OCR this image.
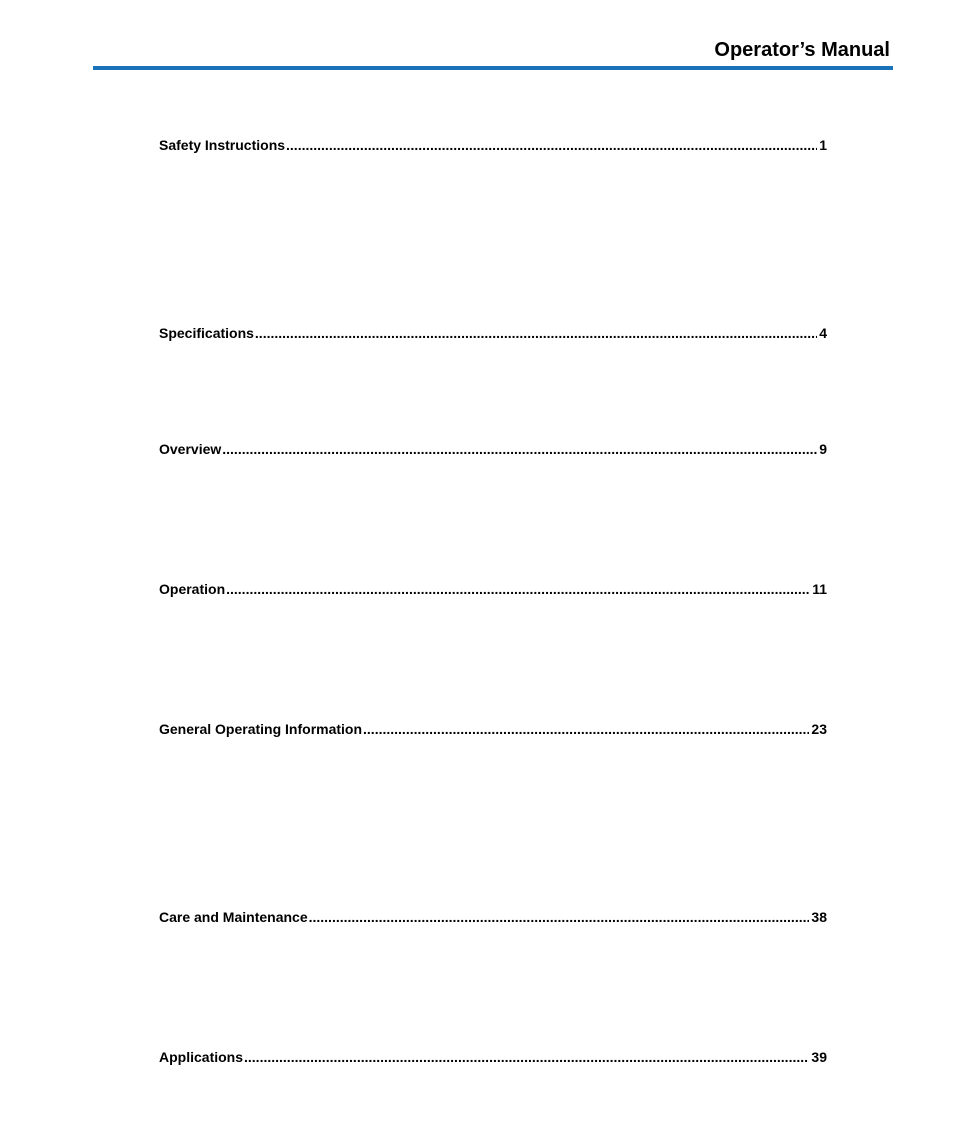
Operator’s Manual
Safety Instructions .....	1
Specifications .....	4
Overview .....	9
Operation .....	11
General Operating Information .....	23
Care and Maintenance .....	38
Applications .....	39
